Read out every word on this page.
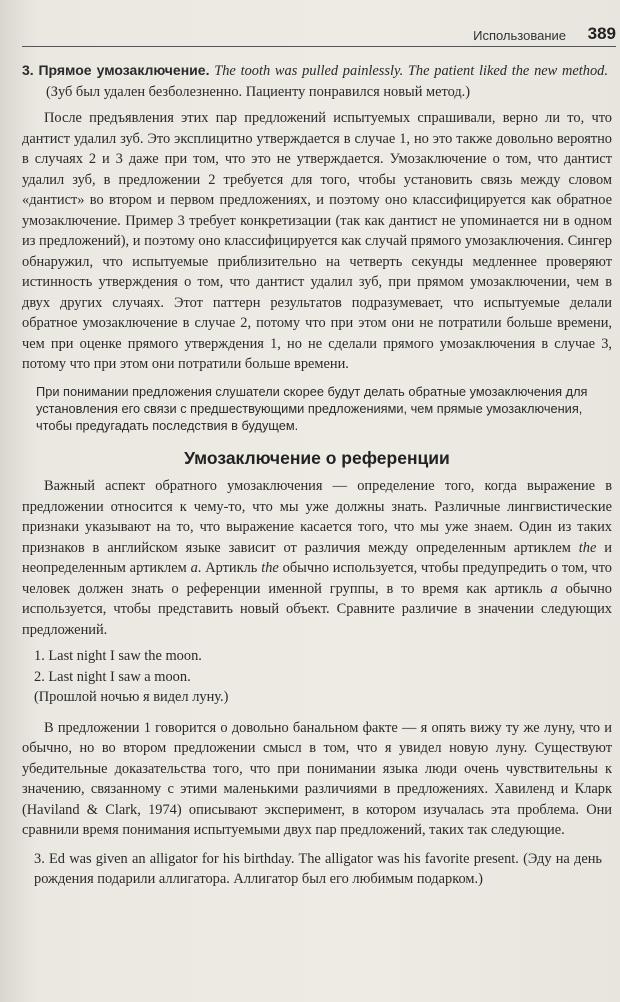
Использование 389

3. Прямое умозаключение. The tooth was pulled painlessly. The patient liked the new method. (Зуб был удален безболезненно. Пациенту понравился новый метод.)

После предъявления этих пар предложений испытуемых спрашивали, верно ли то, что дантист удалил зуб. Это эксплицитно утверждается в случае 1, но это также довольно вероятно в случаях 2 и 3 даже при том, что это не утверждается. Умозаключение о том, что дантист удалил зуб, в предложении 2 требуется для того, чтобы установить связь между словом «дантист» во втором и первом предложениях, и поэтому оно классифицируется как обратное умозаключение. Пример 3 требует конкретизации (так как дантист не упоминается ни в одном из предложений), и поэтому оно классифицируется как случай прямого умозаключения. Сингер обнаружил, что испытуемые приблизительно на четверть секунды медленнее проверяют истинность утверждения о том, что дантист удалил зуб, при прямом умозаключении, чем в двух других случаях. Этот паттерн результатов подразумевает, что испытуемые делали обратное умозаключение в случае 2, потому что при этом они не потратили больше времени, чем при оценке прямого утверждения 1, но не сделали прямого умозаключения в случае 3, потому что при этом они потратили больше времени.

При понимании предложения слушатели скорее будут делать обратные умозаключения для установления его связи с предшествующими предложениями, чем прямые умозаключения, чтобы предугадать последствия в будущем.

Умозаключение о референции

Важный аспект обратного умозаключения — определение того, когда выражение в предложении относится к чему-то, что мы уже должны знать. Различные лингвистические признаки указывают на то, что выражение касается того, что мы уже знаем. Один из таких признаков в английском языке зависит от различия между определенным артиклем the и неопределенным артиклем a. Артикль the обычно используется, чтобы предупредить о том, что человек должен знать о референции именной группы, в то время как артикль a обычно используется, чтобы представить новый объект. Сравните различие в значении следующих предложений.

1. Last night I saw the moon.

2. Last night I saw a moon.

(Прошлой ночью я видел луну.)

В предложении 1 говорится о довольно банальном факте — я опять вижу ту же луну, что и обычно, но во втором предложении смысл в том, что я увидел новую луну. Существуют убедительные доказательства того, что при понимании языка люди очень чувствительны к значению, связанному с этими маленькими различиями в предложениях. Хавиленд и Кларк (Haviland & Clark, 1974) описывают эксперимент, в котором изучалась эта проблема. Они сравнили время понимания испытуемыми двух пар предложений, таких так следующие.

3. Ed was given an alligator for his birthday. The alligator was his favorite present. (Эду на день рождения подарили аллигатора. Аллигатор был его любимым подарком.)
